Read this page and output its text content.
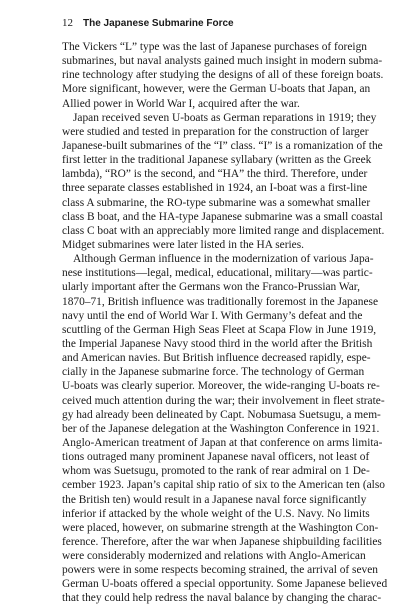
12 The Japanese Submarine Force
The Vickers “L” type was the last of Japanese purchases of foreign
submarines, but naval analysts gained much insight in modern subma-
rine technology after studying the designs of all of these foreign boats.
More significant, however, were the German U-boats that Japan, an
Allied power in World War I, acquired after the war.
Japan received seven U-boats as German reparations in 1919; they
were studied and tested in preparation for the construction of larger
Japanese-built submarines of the “I” class. “I” is a romanization of the
first letter in the traditional Japanese syllabary (written as the Greek
lambda), “RO” is the second, and “HA” the third. Therefore, under
three separate classes established in 1924, an I-boat was a first-line
class A submarine, the RO-type submarine was a somewhat smaller
class B boat, and the HA-type Japanese submarine was a small coastal
class C boat with an appreciably more limited range and displacement.
Midget submarines were later listed in the HA series.
Although German influence in the modernization of various Japa-
nese institutions—legal, medical, educational, military—was partic-
ularly important after the Germans won the Franco-Prussian War,
1870–71, British influence was traditionally foremost in the Japanese
navy until the end of World War I. With Germany’s defeat and the
scuttling of the German High Seas Fleet at Scapa Flow in June 1919,
the Imperial Japanese Navy stood third in the world after the British
and American navies. But British influence decreased rapidly, espe-
cially in the Japanese submarine force. The technology of German
U-boats was clearly superior. Moreover, the wide-ranging U-boats re-
ceived much attention during the war; their involvement in fleet strate-
gy had already been delineated by Capt. Nobumasa Suetsugu, a mem-
ber of the Japanese delegation at the Washington Conference in 1921.
Anglo-American treatment of Japan at that conference on arms limita-
tions outraged many prominent Japanese naval officers, not least of
whom was Suetsugu, promoted to the rank of rear admiral on 1 De-
cember 1923. Japan’s capital ship ratio of six to the American ten (also
the British ten) would result in a Japanese naval force significantly
inferior if attacked by the whole weight of the U.S. Navy. No limits
were placed, however, on submarine strength at the Washington Con-
ference. Therefore, after the war when Japanese shipbuilding facilities
were considerably modernized and relations with Anglo-American
powers were in some respects becoming strained, the arrival of seven
German U-boats offered a special opportunity. Some Japanese believed
that they could help redress the naval balance by changing the charac-
